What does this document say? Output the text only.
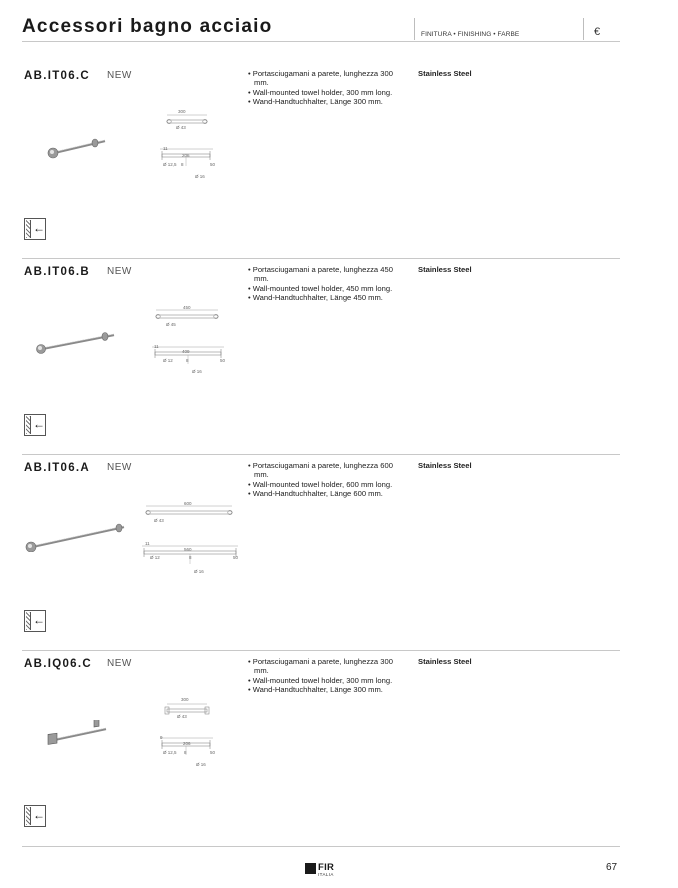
Accessori bagno acciaio	FINITURA • FINISHING • FARBE	€
AB.IT06.C NEW	• Portasciugamani a parete, lunghezza 300 mm.
• Wall-mounted towel holder, 300 mm long.
• Wand-Handtuchhalter, Länge 300 mm.
Stainless Steel
300
Ø 43
11
206
Ø 12,5 8	50
Ø 16
←
AB.IT06.B NEW	• Portasciugamani a parete, lunghezza 450 mm.
• Wall-mounted towel holder, 450 mm long.
• Wand-Handtuchhalter, Länge 450 mm.
Stainless Steel
450
Ø 45
11
409
Ø 12	8	50
Ø 16
←
AB.IT06.A NEW	• Portasciugamani a parete, lunghezza 600 mm.
• Wall-mounted towel holder, 600 mm long.
• Wand-Handtuchhalter, Länge 600 mm.
Stainless Steel
600
Ø 43
11
560
Ø 12	8	50
Ø 16
←
AB.IQ06.C NEW	• Portasciugamani a parete, lunghezza 300 mm.
• Wall-mounted towel holder, 300 mm long.
• Wand-Handtuchhalter, Länge 300 mm.
Stainless Steel
300
Ø 43
9
206
Ø 12,5 8	50
Ø 16
←
FIR
ITALIA
67
